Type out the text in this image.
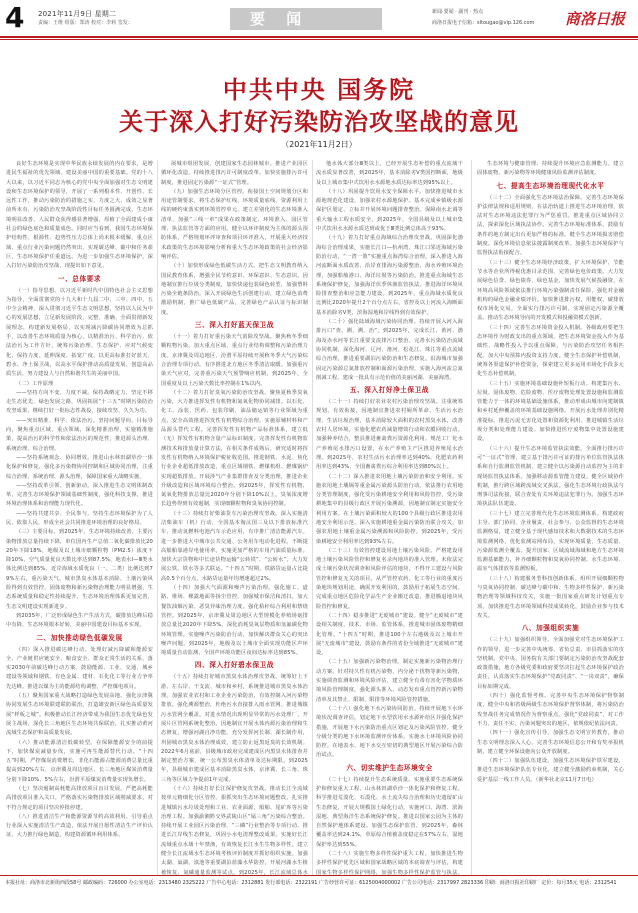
4 2021年11月9日 星期二
责编：王维 组版：郑涛 校对：李莉 签发：	要 闻	新闻·要闻 · 副刊 · 热点
商洛日报电子信箱：sltougao@vip.126.com 商洛日报
中共中央 国务院
关于深入打好污染防治攻坚战的意见
（2021年11月2日）

良好生态环境是实现中华民族永续发展的内在要求，是增进民生福祉的优先领域。建设美丽中国的重要基础。党的十八大以来，以习近平同志为核心的党中央全面加强对生态文明建设和生态环境保护的领导，开展了一系列根本性、开创性、长远性工作，推动污染防治的措施之实、力度之大、成效之显著前所未有，污染防治攻坚战阶段性目标任务圆满完成，生态环境明显改善，人民群众获得感显著增强，厚植了全面建成小康社会的绿色底色和质量成色。同时应当看到，我国生态环境保护结构性、根源性、趋势性压力总体上尚未根本缓解，重点区域、重点行业污染问题仍然突出，实现碳达峰、碳中和任务艰巨，生态环境保护任重道远。为进一步加强生态环境保护，深入打好污染防治攻坚战，现提出如下意见。

一、总体要求

（一）指导思想。以习近平新时代中国特色社会主义思想为指导，全面贯彻党的十九大和十九届二中、三中、四中、五中全会精神，深入贯彻习近平生态文明思想，坚持以人民为中心的发展思想，立足新发展阶段，完整、准确、全面贯彻新发展理念，构建新发展格局，以实现减污降碳协同增效为总抓手，以改善生态环境质量为核心，以精准治污、科学治污、依法治污为工作方针，统筹污染治理、生态保护、应对气候变化，保持力度、延伸深度、拓宽广度，以更高标准打好蓝天、碧水、净土保卫战，以高水平保护推动高质量发展、创造高品质生活，努力建设人与自然和谐共生的美丽中国。

（二）工作原理

——坚持方向不变、力度不减。保持战略定力，坚定不移走生态优先、绿色发展之路，巩固拓展“十三五”时期污染防治攻坚成果，继续打好一批标志性战役，接续攻坚、久久为功。

——突出精准、科学、依法治污。坚持问题导向、目标导向，聚焦重点区域、重点领域，深化精准治理，实施精准施策，提高治污的科学性和依法治污的规范性，推进源头治理、系统治理、综合治理。

——坚持系统观念、协同增效。推进山水林田湖草沙一体化保护和修复，强化多污染物协同控制和区域协同治理，注重综合治理、系统治理、源头治理，保障国家重大战略实施。

——坚持改革引领、创新驱动。深入推进生态文明体制改革，完善生态环境保护领域基础性制度，强化科技支撑，推进环境治理体系和治理能力现代化。

——坚持共建共享、全民参与。坚持生态环境保护为了人民、依靠人民，形成全社会共同推进环境治理的良好格局。

（三）主要目标。到2025年，生态环境持续改善，主要污染物排放总量持续下降，单位国内生产总值二氧化碳排放比2020年下降18%，地级及以上城市细颗粒物（PM2.5）浓度下降10%，空气质量优良天数比率达到87.5%，地表水Ⅰ—Ⅲ类水体比例达到85%，近岸海域水质优良（一、二类）比例达到79%左右，重污染天气、城市黑臭水体基本消除，土壤污染风险得到有效管控，固体废物和新污染物治理能力明显增强，生态系统质量和稳定性持续提升，生态环境治理体系更加完善，生态文明建设实现新进步。

到2035年，广泛形成绿色生产生活方式，碳排放达峰后稳中有降，生态环境根本好转，美丽中国建设目标基本实现。

二、加快推动绿色低碳发展

（四）深入推进碳达峰行动。处理好减污降碳和能源安全、产业链供应链安全、粮食安全、群众正常生活的关系，落实2030年前碳达峰行动方案。鼓励能源、工业、交通、城乡建设等领域和钢铁、有色金属、建材、石化化工等行业力争率先达峰。推进以煤为主的能源结构调整，严控煤电项目。

（五）聚焦国家重大战略打造绿色发展高地。强化京津冀协同发展生态环境联建联防联治，打造雄安新区绿色高质量发展“样板之城”。积极推动长江经济带成为我国生态优先绿色发展主战场，深化长三角地区生态环境共保联治，扎实推动黄河流域生态保护和高质量发展。

（六）推动能源清洁低碳转型。在保障能源安全的前提下，加快煤炭减量步伐，实施可再生能源替代行动。“十四五”时期，严控煤炭消费增长，非化石能源占能源消费总量比重提高到20%左右，京津冀及周边地区、长三角地区煤炭消费量分别下降10%、5%左右，汾渭平原煤炭消费量实现负增长。

（七）坚决遏制高耗能高排放项目盲目发展。严把高耗能高排放项目准入关口，严格落实污染物排放区域削减要求，对不符合规定的项目坚决停批停建。

（八）推进清洁生产和能源资源节约高效利用。引导重点行业深入实施清洁生产改造，依法开展自愿性清洁生产评价认证，大力推行绿色制造，构建资源循环利用体系。

展城市组团发展，创建国家生态园林城市。推进产业园区循环化改造，持续推进排污许可制度改革。加快实施排污许可制度，推进固定污染源“一证式”管理。

（九）加强生态环境分区管控。衔接国土空间规划分区和用途管制要求，将生态保护红线、环境质量底线、资源利用上线的硬约束落实到环境管控单元，建立差别化的生态环境准入清单，加强“三线一单”成果在政策制定、环境准入、园区管理、执法监管等方面的应用。健全以环评制度为主体的源头预防体系，严格规划环评审查和项目环评准入，开展重大经济技术政策的生态环境影响分析和重大生态环境政策的社会经济影响评估。

（十）加快形成绿色低碳生活方式。把生态文明教育纳入国民教育体系，增强全民节约意识、环保意识、生态意识。因地制宜推行垃圾分类制度，加快快递包装绿色转型，加强塑料污染全链条防治。深入开展绿色生活创建行动，建立绿色消费激励机制，推广绿色低碳产品，完善绿色产品认证与标识制度。

三、深入打好蓝天保卫战

（十一）着力打好重污染天气消除攻坚战。聚焦秋冬季细颗粒物污染，加大重点区域、重点行业结构调整和污染治理力度。京津冀及周边地区、汾渭平原持续开展秋冬季大气污染综合治理专项行动。有序推进北方地区冬季清洁取暖。加强重污染天气应对，完善重污染天气预警响应机制，到2025年，全国重度及以上污染天数比率控制在1%以内。

（十二）着力打好臭氧污染防治攻坚战。聚焦夏秋季臭氧污染，大力推进挥发性有机物和氮氧化物协同减排。以石化、化工、涂装、医药、包装印刷、油品储运销等行业领域为重点，安全高效推进挥发性有机物综合治理，实施原辅材料和产品源头替代工程。完善挥发性有机物产品标准体系，建立低（无）挥发性有机物含量产品标识制度。完善挥发性有机物监测技术和排放量计算方法，在相关条件成熟后，研究适时将挥发性有机物纳入环境保护税征收范围。推进钢铁、水泥、焦化行业企业超低排放改造，重点区域钢铁、燃煤机组、燃煤锅炉实现超低排放。开展涉气产业集群排查及分类治理，推进企业升级改造和区域环境综合整治。到2025年，挥发性有机物、氮氧化物排放总量比2020年分别下降10%以上，臭氧浓度增长趋势得到有效遏制，实现细颗粒物和臭氧协同控制。

（十三）持续打好柴油货车污染治理攻坚战。深入实施清洁柴油车（机）行动，全国基本淘汰国三及以下排放标准汽车，推动氢燃料电池汽车示范应用，有序推广清洁能源汽车。进一步推进大中城市公共交通、公务用车电动化进程。不断提高船舶靠港岸电使用率。实施更加严格的车用汽油质量标准。加快大宗货物和中长途货物运输“公转铁”、“公转水”，大力发展公铁、铁水等多式联运。“十四五”时期，铁路货运量占比提高0.5个百分点，水路货运量年均增速超过2%。

（十四）加强大气面源和噪声污染治理。强化施工、道路、堆场、裸露地面等扬尘管控，加强城市保洁和清扫。加大餐饮油烟污染、恶臭异味治理力度。强化秸秆综合利用和禁烧管控。到2025年，京津冀及周边地区大型规模化养殖场氨排放总量比2020年下降5%。深化消耗臭氧层物质和氢氟碳化物环境管理。实施噪声污染防治行动，加快解决群众关心的突出噪声问题。到2025年，地级及以上城市全面实现功能区声环境质量自动监测，全国声环境功能区夜间达标率达到85%。

四、深入打好碧水保卫战

（十五）持续打好城市黑臭水体治理攻坚战。统筹好上下游、左右岸、干支流、城市和乡村，系统推进城市黑臭水体治理。加强农业农村和工业企业污染防治，有效控制入河污染物排放。强化溯源整治，杜绝污水直接排入雨水管网。推进城镇污水管网全覆盖，对进水情况出现明显异常的污水处理厂，开展片区管网系统化整治。因地制宜开展水体内源污染治理和生态修复，增强河湖自净功能。充分发挥河长制、湖长制作用，巩固城市黑臭水体治理成效，建立防止返黑返臭的长效机制。2022年6月底前，县级城市政府完成建成区内黑臭水体排查并制定整治方案，统一公布黑臭水体清单及达标期限。到2025年，县级城市建成区基本消除黑臭水体，京津冀、长三角、珠三角等区域力争提前1年完成。

（十六）持续打好长江保护修复攻坚战。推动长江全流域按单元精细化分区管控。狠抓突出生态环境问题整改，扎实推进城镇污水垃圾处理和工业、农业面源、船舶、尾矿库等污染治理工程。加强渝湘黔交界武陵山区“锰三角”污染综合整治。持续开展工业园区污染治理、“三磷”行业整治等专项行动。推进长江岸线生态修复，巩固小水电清理整改成果。实施好长江流域重点水域十年禁渔，有效恢复长江水生生物多样性。建立健全长江流域水生态环境考核评价制度并抓好组织实施。加强太湖、巢湖、滇池等重要湖泊蓝藻水华防控，开展河湖水生植被恢复、氮磷通量监测等试点。到2025年，长江流域总体水

他水体大部分Ⅲ类以上，已经开展生态补偿的重点流域干流水质显著改善，到2025年，基本消除劣Ⅴ类国控断面，地级及以上城市集中式饮用水水源地水质达标率达到95%以上。

（十八）巩固提升饮用水安全保障水平。加快推进城市水源地规范化建设，加强农村水源地保护。基本完成乡镇级水源保护区划定、立标并开展环境问题排查整治。保障南水北调等重大输水工程水质安全。到2025年，全国县级及以上城市集中式饮用水水源水质达到或优于Ⅲ类比例总体高于93%。

（十九）着力打好重点海域综合治理攻坚战。巩固深化渤海综合治理成果，实施长江口—杭州湾、珠江口邻近海域污染防治行动，“一湾一策”实施重点海湾综合治理。深入推进入海河流断面水质改善、沿岸直排海污染源整治、海水养殖环境治理，加强船舶港口、海洋垃圾等污染防治。推进重点海域生态系统保护修复，加强海洋伏季休渔监管执法。推进海洋环境风险排查整治和应急能力建设。到2025年，重点海域水质优良比例比2020年提升2个百分点左右，省控及以上河流入海断面基本消除劣Ⅴ类，滨海湿地和岸线得到有效保护。

（二十）强化陆域海域污染协同治理。持续开展入河入海排污口“查、测、溯、治”，到2025年，完成长江、黄河、渤海及赤水河等长江重要支流排污口整治。完善水污染防治流域协同机制，深化海河、辽河、淮河、松花江、珠江等重点流域综合治理，推进重要湖泊污染防治和生态修复。沿海城市加强固定污染源总氮排放控制和面源污染治理，实施入海河流总氮削减工程。建成一批具有示范价值的美丽河湖、美丽海湾。

五、深入打好净土保卫战

（二十一）持续打好农业农村污染治理攻坚战。注重统筹规划、有效衔接，因地制宜推进农村厕所革命、生活污水治理、生活垃圾治理，基本消除较大面积的农村黑臭水体，改善农村人居环境。实施化肥农药减量增效行动和农膜回收行动。加强种养结合，整县推进畜禽粪污资源化利用。规范工厂化水产养殖尾水排污口设置，在水产养殖主产区推进养殖尾水治理。到2025年，农村生活污水治理率达到40%，化肥农药利用率达到43%，全国畜禽粪污综合利用率达到80%以上。

（二十二）深入推进农用地土壤污染防治和安全利用。实施农用地土壤镉等重金属污染源头防治行动。依法推行农用地分类管理制度，强化受污染耕地安全利用和风险管控，受污染耕地集中的县级行政区开展污染溯源，因地制宜制定实施安全利用方案。在土壤污染面积较大的100个县级行政区推进农用地安全利用示范。深入实施耕地重金属污染防治联合攻关，加强农用地土壤重金属污染溯源和风险防控。到2025年，受污染耕地安全利用率达到93%左右。

（二十三）有效管控建设用地土壤污染风险。严格建设用地土壤污染风险管控和修复名录内地块的准入管理。未依法完成土壤污染状况调查和风险评估的地块，不得开工建设与风险管控和修复无关的项目。从严管控农药、化工等行业的重度污染地块规划用途，确需开发利用的，鼓励用于拓展生态空间。完成重点地区危险化学品生产企业搬迁改造，推进腾退地块风险管控和修复。

（二十四）稳步推进“无废城市”建设。健全“无废城市”建设相关制度、技术、市场、监管体系，推进城市固体废物精细化管理。“十四五”时期，推进100个左右地级及以上城市开展“无废城市”建设，鼓励有条件的省份全域推进“无废城市”建设。

（二十五）加强新污染物治理。制定实施新污染物治理行动方案。针对持久性有机污染物、内分泌干扰物等新污染物，实施调查监测和环境风险评估，建立健全有毒有害化学物质环境风险管理制度，强化源头准入，动态发布重点管控新污染物清单及其禁止、限制、限排等环境风险管控措施。

（二十六）强化地下水污染协同防治。持续开展地下水环境状况调查评估，划定地下水型饮用水水源补给区并强化保护措施，开展地下水污染防治重点区划定及污染风险管控。健全分级分类的地下水环境监测评价体系。实施水土环境风险协同防控。在地表水、地下水交互密切的典型地区开展污染综合防治试点。

六、切实维护生态环境安全

（二十七）持续提升生态系统质量。实施重要生态系统保护和修复重大工程、山水林田湖草沙一体化保护和修复工程。科学推进荒漠化、石漠化、水土流失综合治理和历史遗留矿山生态修复，开展大规模国土绿化行动，实施河口、海湾、滨海湿地、典型海洋生态系统保护修复。推进以国家公园为主体的自然保护地体系建设。加强生态保护监管。到2025年，森林覆盖率达到24.1%，草原综合植被盖度稳定在57%左右，湿地保护率达到55%。

（二十八）实施生物多样性保护重大工程。加快推进生物多样性保护优先区域和国家战略区域的本底调查与评估，构建国家生物多样性保护网络，加强生物多样性保护监管与执法。

生态环境与健康管理、持续提升环境应急监测能力。建立固体废物、新污染物等环境健康风险监测评估制度。

七、提高生态环境治理现代化水平

（三十二）全面强化生态环境法治保障。完善生态环境保护法律法规和适用规则，在法治轨道上推进生态环境治理，依法对生态环境违法犯罪行为严惩重罚。推进重点区域协同立法，探索深化区域执法协作。完善生态环境标准体系，鼓励有条件的地方制定出台更加严格的标准。健全生态环境损害赔偿制度。深化环境信息依法披露制度改革。加强生态环境保护与监督执法衔接配合。

（三十三）健全生态环境经济政策。扩大环境保护、节能节水等企业所得税优惠目录范围，完善绿色电价政策。大力发展绿色信贷、绿色债券、绿色基金，加快发展气候投融资，在环境高风险领域依法推行环境污染强制责任保险，强化对金融机构的绿色金融业绩评价。加快推进排污权、用能权、碳排放权市场化交易。全面实行排污许可制，实现固定污染源全覆盖。推动生态环境导向的开发模式和投融资模式创新。

（三十四）完善生态环境资金投入机制。各级政府要把生态环境作为财政支出的重点领域，把生态环境资金投入作为基础性、战略性投入予以重点保障，与污染防治攻坚任务相匹配。加大中央预算内投资支持力度。健全生态保护补偿机制，统筹各渠道保护补偿资金，探索建立更多运用市场化手段多元化生态补偿机制。

（三十五）实施环境基础设施补短板行动。构建集污水、垃圾、固体废物、危险废物、医疗废物处理处置设施和监测监管能力于一体的环境基础设施体系，推动形成由城市向建制镇和乡村延伸覆盖的环境基础设施网络。开展污水处理差别化精准提标。推进污泥无害化处置和资源化利用。推进城镇生活垃圾分类和处理能力建设。加快推进医疗废物集中处置设施建设。

（三十六）提升生态环境监管执法效能。全面推行排污许可“一证式”管理，建立基于排污许可证的排污单位监管执法体系和自行监测监管机制。建立健全以污染源自动监控为主的非现场监管执法体系。加强移动源监管能力建设。健全区域协作机制，推行跨区域跨流域交叉执法。强化生态环境行政执法与刑事司法衔接，联合查处有关环境违法犯罪行为。加强生态环境执法队伍建设。

（三十七）建立完善现代化生态环境监测体系。构建政府主导、部门协同、企业履责、社会参与、公众监督的生态环境监测格局，建立健全基于现代感知技术和大数据技术的生态环境监测网络，优化监测站网布局，实现环境质量、生态质量、污染源监测全覆盖。提升国家、区域流域海域和地方生态环境监测基础能力，补齐细颗粒物和臭氧协同控制、水生态环境、温室气体排放等监测短板。

（三十八）构建服务型科技创新体系。组织开展细颗粒物与臭氧协同控制、碳达峰与碳中和、生物多样性保护、新污染物治理等领域科技攻关，实施一批国家重点研发计划重点专项。加快推进生态环境领域科技成果转化，鼓励企业参与技术攻关。

八、加强组织实施

（三十九）加强组织领导。全面加强党对生态环境保护工作的领导，进一步完善中央统筹、省负总责、市县抓落实的攻坚机制。党中央、国务院有关部门要制定污染防治攻坚战配套政策措施，地方各级党委和政府要坚决扛起生态环境保护政治责任，认真落实生态环境保护“党政同责”、“一岗双责”，确保目标如期完成。

（四十）强化监督考核。完善中央生态环境保护督察制度，健全中央和省级两级生态环境保护督察体制，将污染防治攻坚战任务完成情况作为督察重点。强化“党政同责”，对工作不力、责任不实、污染问题突出的地区，依规依纪依法问责。

（四十一）强化宣传引导。加强生态文明宣传教育，推动生态文明理念深入人心。完善生态环境信息公开和有奖举报机制，建立健全环保设施向公众开放制度。

（四十二）加强队伍建设。加强生态环境保护铁军建设，推进生态环境保护队伍专业化，建立健全激励约束机制，关心爱护基层一线工作人员。（新华社北京11月7日电）

本报社址：商洛市北新街西段58号 邮政编码：726000 办公室电话：2313480 2325222 广告中心电话：2312881 发行部电话：2322191 广告经营许可证：6125004000002 广告公司电话：2317997 2823336 印刷：商洛日报社印刷厂 定价：每月35元 电话：2312541
